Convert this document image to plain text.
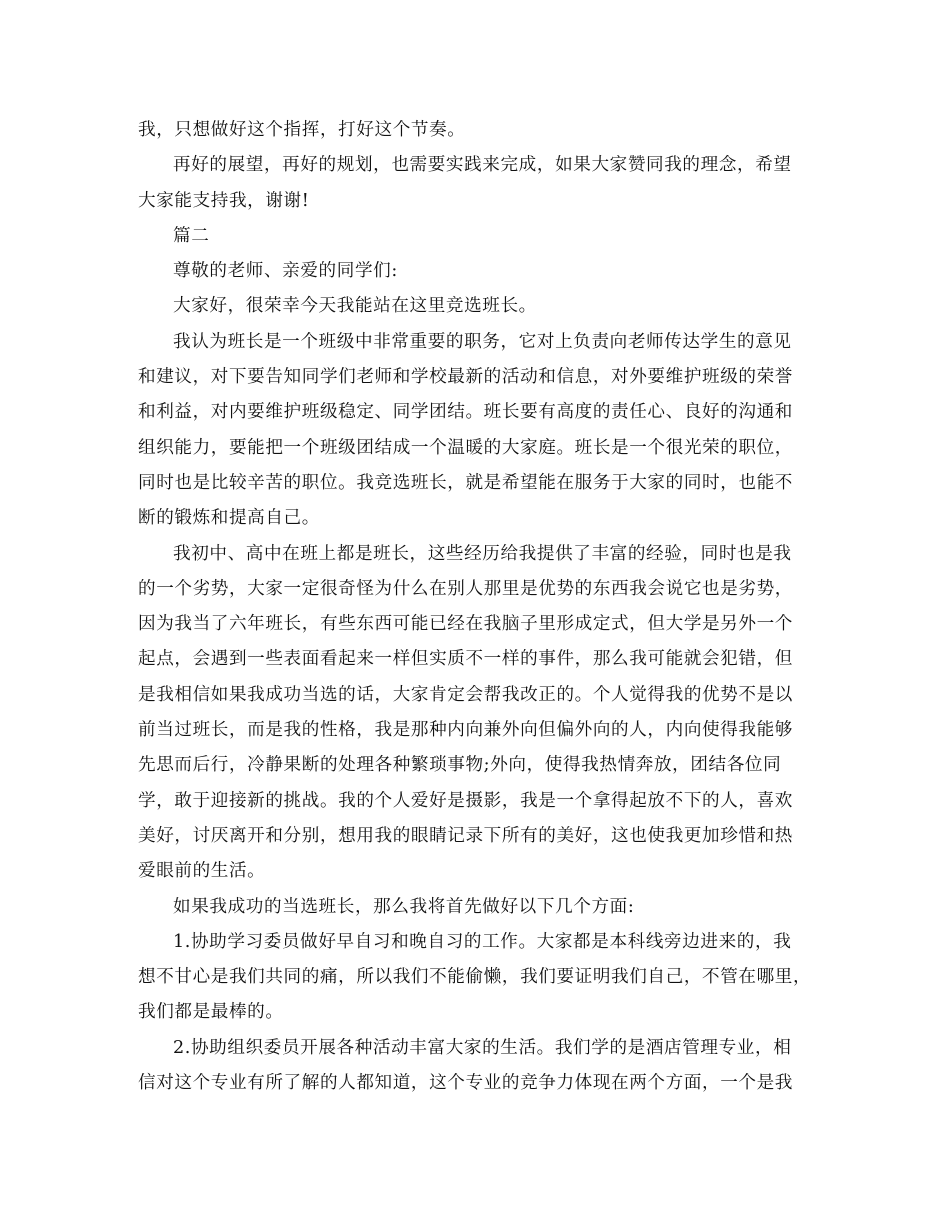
我，只想做好这个指挥，打好这个节奏。
再好的展望，再好的规划，也需要实践来完成，如果大家赞同我的理念，希望
大家能支持我，谢谢!
篇二
尊敬的老师、亲爱的同学们:
大家好，很荣幸今天我能站在这里竞选班长。
我认为班长是一个班级中非常重要的职务，它对上负责向老师传达学生的意见
和建议，对下要告知同学们老师和学校最新的活动和信息，对外要维护班级的荣誉
和利益，对内要维护班级稳定、同学团结。班长要有高度的责任心、良好的沟通和
组织能力，要能把一个班级团结成一个温暖的大家庭。班长是一个很光荣的职位，
同时也是比较辛苦的职位。我竞选班长，就是希望能在服务于大家的同时，也能不
断的锻炼和提高自己。
我初中、高中在班上都是班长，这些经历给我提供了丰富的经验，同时也是我
的一个劣势，大家一定很奇怪为什么在别人那里是优势的东西我会说它也是劣势，
因为我当了六年班长，有些东西可能已经在我脑子里形成定式，但大学是另外一个
起点，会遇到一些表面看起来一样但实质不一样的事件，那么我可能就会犯错，但
是我相信如果我成功当选的话，大家肯定会帮我改正的。个人觉得我的优势不是以
前当过班长，而是我的性格，我是那种内向兼外向但偏外向的人，内向使得我能够
先思而后行，冷静果断的处理各种繁琐事物;外向，使得我热情奔放，团结各位同
学，敢于迎接新的挑战。我的个人爱好是摄影，我是一个拿得起放不下的人，喜欢
美好，讨厌离开和分别，想用我的眼睛记录下所有的美好，这也使我更加珍惜和热
爱眼前的生活。
如果我成功的当选班长，那么我将首先做好以下几个方面:
1.协助学习委员做好早自习和晚自习的工作。大家都是本科线旁边进来的，我
想不甘心是我们共同的痛，所以我们不能偷懒，我们要证明我们自己，不管在哪里，
我们都是最棒的。
2.协助组织委员开展各种活动丰富大家的生活。我们学的是酒店管理专业，相
信对这个专业有所了解的人都知道，这个专业的竞争力体现在两个方面，一个是我
